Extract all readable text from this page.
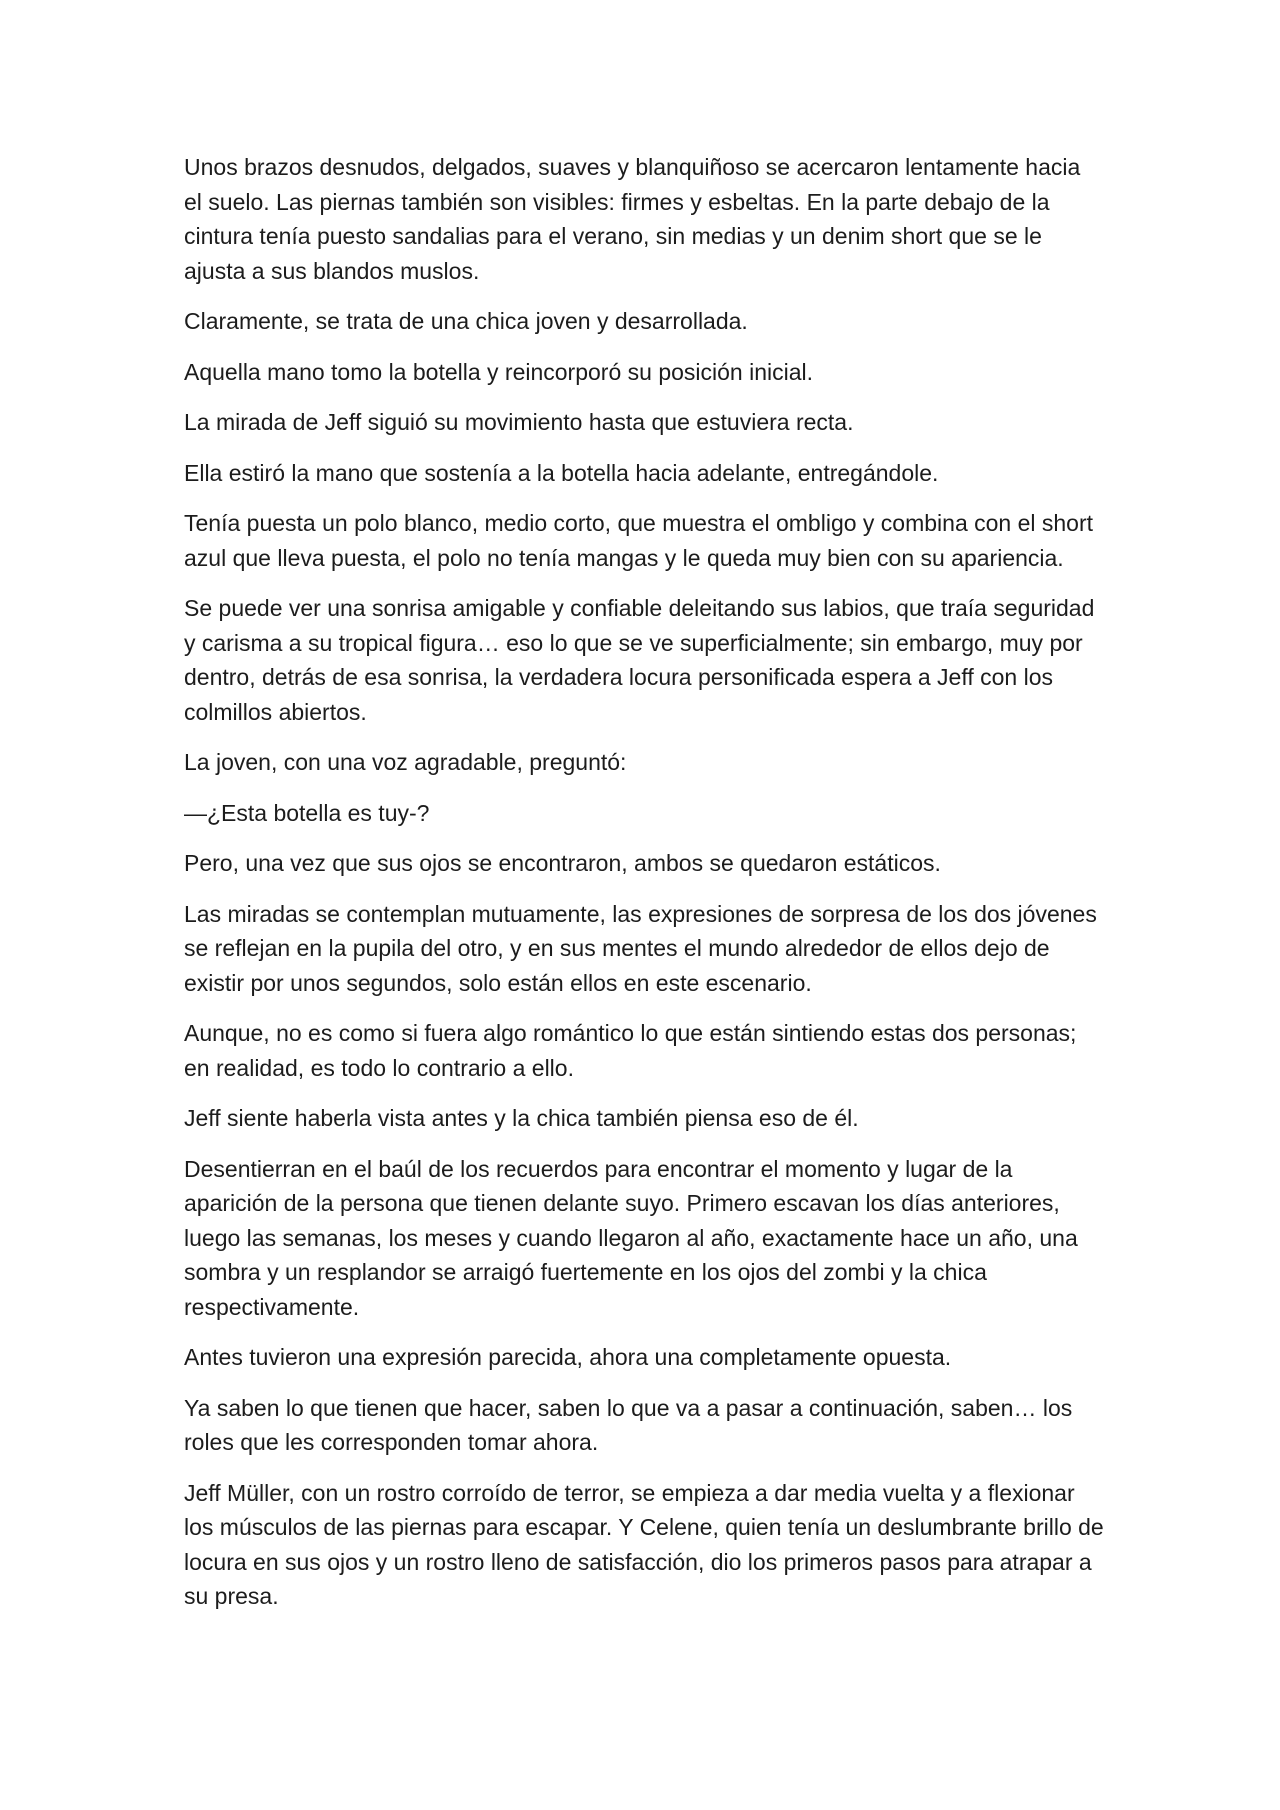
Unos brazos desnudos, delgados, suaves y blanquiñoso se acercaron lentamente hacia el suelo. Las piernas también son visibles: firmes y esbeltas. En la parte debajo de la cintura tenía puesto sandalias para el verano, sin medias y un denim short que se le ajusta a sus blandos muslos.

Claramente, se trata de una chica joven y desarrollada.

Aquella mano tomo la botella y reincorporó su posición inicial.

La mirada de Jeff siguió su movimiento hasta que estuviera recta.

Ella estiró la mano que sostenía a la botella hacia adelante, entregándole.

Tenía puesta un polo blanco, medio corto, que muestra el ombligo y combina con el short azul que lleva puesta, el polo no tenía mangas y le queda muy bien con su apariencia.

Se puede ver una sonrisa amigable y confiable deleitando sus labios, que traía seguridad y carisma a su tropical figura… eso lo que se ve superficialmente; sin embargo, muy por dentro, detrás de esa sonrisa, la verdadera locura personificada espera a Jeff con los colmillos abiertos.

La joven, con una voz agradable, preguntó:

—¿Esta botella es tuy-?

Pero, una vez que sus ojos se encontraron, ambos se quedaron estáticos.

Las miradas se contemplan mutuamente, las expresiones de sorpresa de los dos jóvenes se reflejan en la pupila del otro, y en sus mentes el mundo alrededor de ellos dejo de existir por unos segundos, solo están ellos en este escenario.

Aunque, no es como si fuera algo romántico lo que están sintiendo estas dos personas; en realidad, es todo lo contrario a ello.

Jeff siente haberla vista antes y la chica también piensa eso de él.

Desentierran en el baúl de los recuerdos para encontrar el momento y lugar de la aparición de la persona que tienen delante suyo. Primero escavan los días anteriores, luego las semanas, los meses y cuando llegaron al año, exactamente hace un año, una sombra y un resplandor se arraigó fuertemente en los ojos del zombi y la chica respectivamente.

Antes tuvieron una expresión parecida, ahora una completamente opuesta.

Ya saben lo que tienen que hacer, saben lo que va a pasar a continuación, saben… los roles que les corresponden tomar ahora.

Jeff Müller, con un rostro corroído de terror, se empieza a dar media vuelta y a flexionar los músculos de las piernas para escapar. Y Celene, quien tenía un deslumbrante brillo de locura en sus ojos y un rostro lleno de satisfacción, dio los primeros pasos para atrapar a su presa.
